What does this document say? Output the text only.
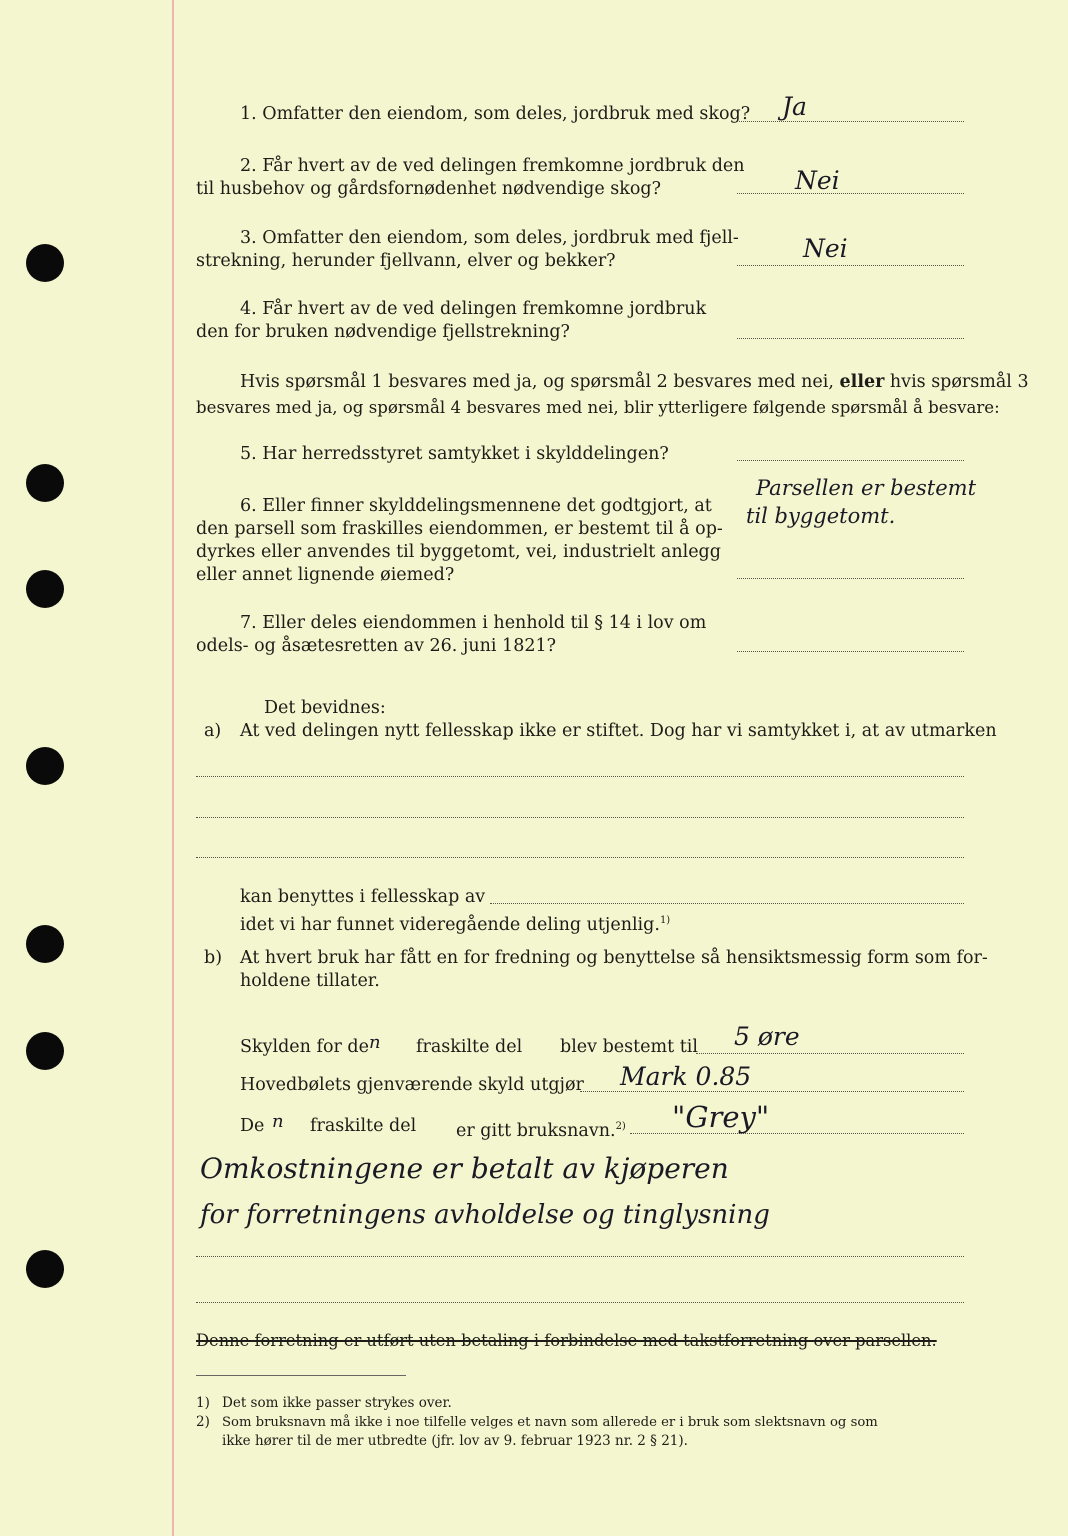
1. Omfatter den eiendom, som deles, jordbruk med skog? Ja
2. Får hvert av de ved delingen fremkomne jordbruk den
til husbehov og gårdsfornødenhet nødvendige skog?	Nei
3. Omfatter den eiendom, som deles, jordbruk med fjell-
strekning, herunder fjellvann, elver og bekker?	Nei
4. Får hvert av de ved delingen fremkomne jordbruk
den for bruken nødvendige fjellstrekning?
Hvis spørsmål 1 besvares med ja, og spørsmål 2 besvares med nei, eller hvis spørsmål 3
besvares med ja, og spørsmål 4 besvares med nei, blir ytterligere følgende spørsmål å besvare:
5. Har herredsstyret samtykket i skylddelingen?
6. Eller finner skylddelingsmennene det godtgjort, at
den parsell som fraskilles eiendommen, er bestemt til å op-
dyrkes eller anvendes til byggetomt, vei, industrielt anlegg
eller annet lignende øiemed?
Parsellen er bestemt
til byggetomt.
7. Eller deles eiendommen i henhold til § 14 i lov om
odels- og åsætesretten av 26. juni 1821?
Det bevidnes:
a) At ved delingen nytt fellesskap ikke er stiftet. Dog har vi samtykket i, at av utmarken
kan benyttes i fellesskap av
idet vi har funnet videregående deling utjenlig.$^{1)}$
b) At hvert bruk har fått en for fredning og benyttelse så hensiktsmessig form som for-
holdene tillater.
Skylden for de n fraskilte del blev bestemt til 5 øre
Hovedbølets gjenværende skyld utgjør Mark 0.85
De n fraskilte del er gitt bruksnavn.$^{2)}$ "Grey"
Omkostningene er betalt av kjøperen
for forretningens avholdelse og tinglysning
Denne forretning er utført uten betaling i forbindelse med takstforretning over parsellen.
1) Det som ikke passer strykes over.
2) Som bruksnavn må ikke i noe tilfelle velges et navn som allerede er i bruk som slektsnavn og som
ikke hører til de mer utbredte (jfr. lov av 9. februar 1923 nr. 2 § 21).
